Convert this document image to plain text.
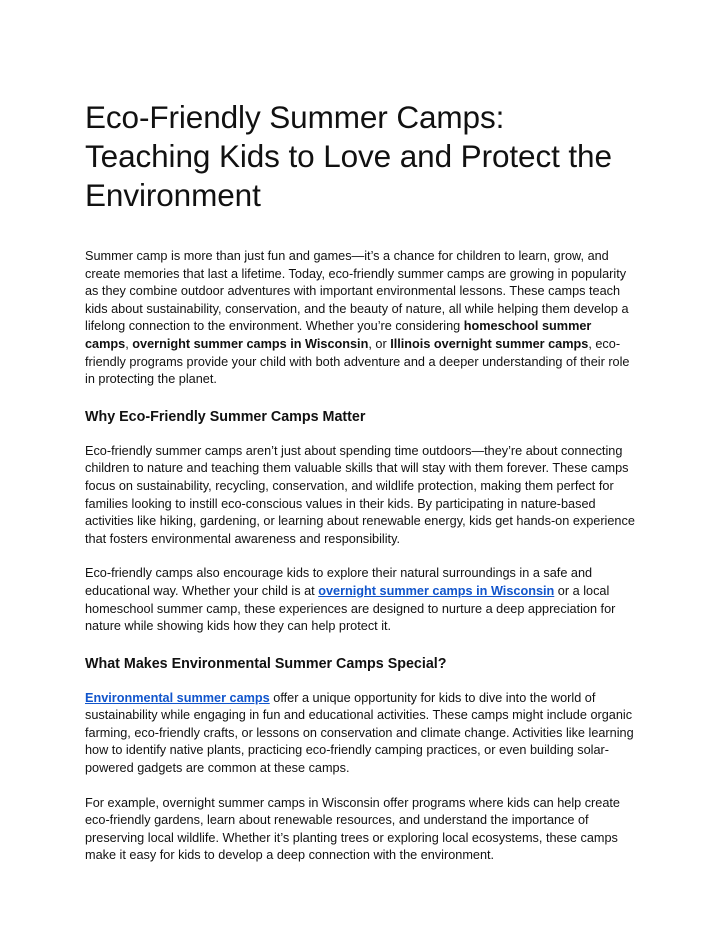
Eco-Friendly Summer Camps: Teaching Kids to Love and Protect the Environment

Summer camp is more than just fun and games—it’s a chance for children to learn, grow, and create memories that last a lifetime. Today, eco-friendly summer camps are growing in popularity as they combine outdoor adventures with important environmental lessons. These camps teach kids about sustainability, conservation, and the beauty of nature, all while helping them develop a lifelong connection to the environment. Whether you’re considering homeschool summer camps, overnight summer camps in Wisconsin, or Illinois overnight summer camps, eco-friendly programs provide your child with both adventure and a deeper understanding of their role in protecting the planet.

Why Eco-Friendly Summer Camps Matter

Eco-friendly summer camps aren’t just about spending time outdoors—they’re about connecting children to nature and teaching them valuable skills that will stay with them forever. These camps focus on sustainability, recycling, conservation, and wildlife protection, making them perfect for families looking to instill eco-conscious values in their kids. By participating in nature-based activities like hiking, gardening, or learning about renewable energy, kids get hands-on experience that fosters environmental awareness and responsibility.

Eco-friendly camps also encourage kids to explore their natural surroundings in a safe and educational way. Whether your child is at overnight summer camps in Wisconsin or a local homeschool summer camp, these experiences are designed to nurture a deep appreciation for nature while showing kids how they can help protect it.

What Makes Environmental Summer Camps Special?

Environmental summer camps offer a unique opportunity for kids to dive into the world of sustainability while engaging in fun and educational activities. These camps might include organic farming, eco-friendly crafts, or lessons on conservation and climate change. Activities like learning how to identify native plants, practicing eco-friendly camping practices, or even building solar-powered gadgets are common at these camps.

For example, overnight summer camps in Wisconsin offer programs where kids can help create eco-friendly gardens, learn about renewable resources, and understand the importance of preserving local wildlife. Whether it’s planting trees or exploring local ecosystems, these camps make it easy for kids to develop a deep connection with the environment.
